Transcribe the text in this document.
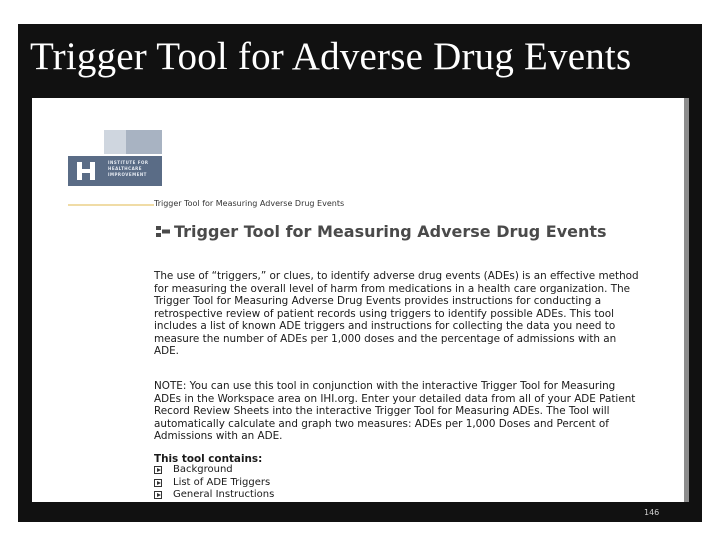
Trigger Tool for Adverse Drug Events
INSTITUTE FOR HEALTHCARE IMPROVEMENT
Trigger Tool for Measuring Adverse Drug Events
Trigger Tool for Measuring Adverse Drug Events

The use of “triggers,” or clues, to identify adverse drug events (ADEs) is an effective method for measuring the overall level of harm from medications in a health care organization. The Trigger Tool for Measuring Adverse Drug Events provides instructions for conducting a retrospective review of patient records using triggers to identify possible ADEs. This tool includes a list of known ADE triggers and instructions for collecting the data you need to measure the number of ADEs per 1,000 doses and the percentage of admissions with an ADE.

NOTE: You can use this tool in conjunction with the interactive Trigger Tool for Measuring ADEs in the Workspace area on IHI.org. Enter your detailed data from all of your ADE Patient Record Review Sheets into the interactive Trigger Tool for Measuring ADEs. The Tool will automatically calculate and graph two measures: ADEs per 1,000 Doses and Percent of Admissions with an ADE.

This tool contains:
Background
List of ADE Triggers
General Instructions
146
